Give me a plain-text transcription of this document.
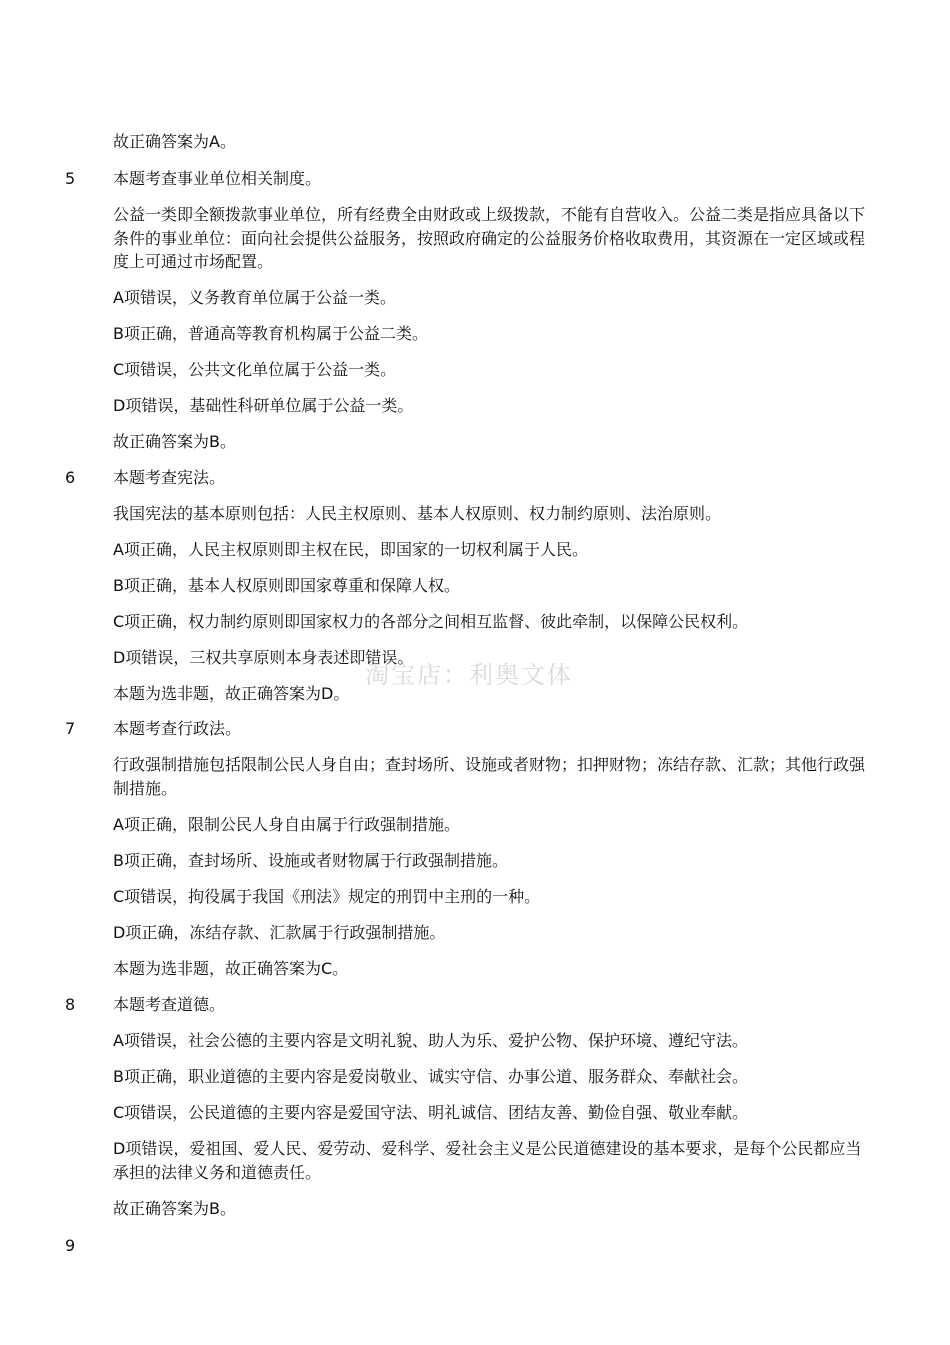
淘宝店：利奥文体
故正确答案为A。
5 本题考查事业单位相关制度。
公益一类即全额拨款事业单位，所有经费全由财政或上级拨款，不能有自营收入。公益二类是指应具备以下条件的事业单位：面向社会提供公益服务，按照政府确定的公益服务价格收取费用，其资源在一定区域或程度上可通过市场配置。
A项错误，义务教育单位属于公益一类。
B项正确，普通高等教育机构属于公益二类。
C项错误，公共文化单位属于公益一类。
D项错误，基础性科研单位属于公益一类。
故正确答案为B。
6 本题考查宪法。
我国宪法的基本原则包括：人民主权原则、基本人权原则、权力制约原则、法治原则。
A项正确，人民主权原则即主权在民，即国家的一切权利属于人民。
B项正确，基本人权原则即国家尊重和保障人权。
C项正确，权力制约原则即国家权力的各部分之间相互监督、彼此牵制，以保障公民权利。
D项错误，三权共享原则本身表述即错误。
本题为选非题，故正确答案为D。
7 本题考查行政法。
行政强制措施包括限制公民人身自由；查封场所、设施或者财物；扣押财物；冻结存款、汇款；其他行政强制措施。
A项正确，限制公民人身自由属于行政强制措施。
B项正确，查封场所、设施或者财物属于行政强制措施。
C项错误，拘役属于我国《刑法》规定的刑罚中主刑的一种。
D项正确，冻结存款、汇款属于行政强制措施。
本题为选非题，故正确答案为C。
8 本题考查道德。
A项错误，社会公德的主要内容是文明礼貌、助人为乐、爱护公物、保护环境、遵纪守法。
B项正确，职业道德的主要内容是爱岗敬业、诚实守信、办事公道、服务群众、奉献社会。
C项错误，公民道德的主要内容是爱国守法、明礼诚信、团结友善、勤俭自强、敬业奉献。
D项错误，爱祖国、爱人民、爱劳动、爱科学、爱社会主义是公民道德建设的基本要求，是每个公民都应当承担的法律义务和道德责任。
故正确答案为B。
9
